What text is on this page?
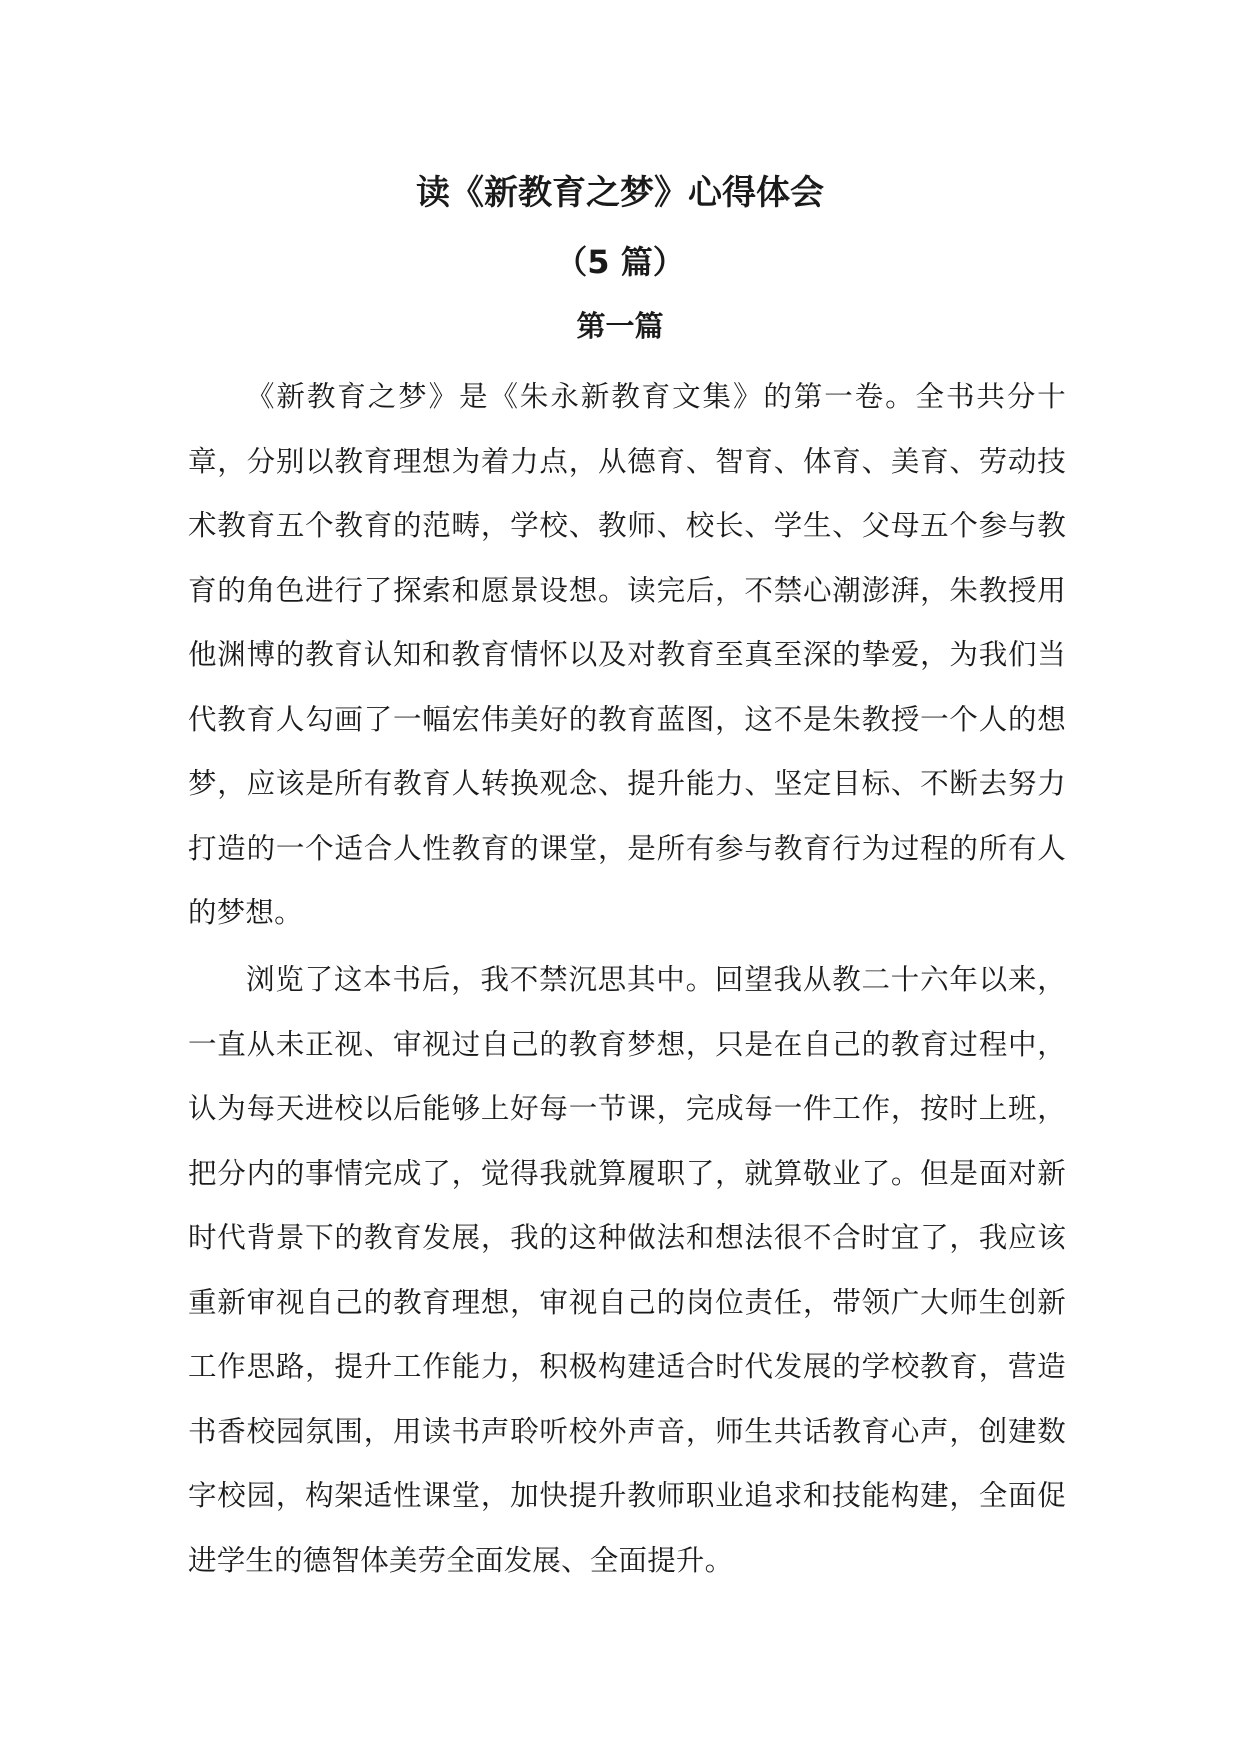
读《新教育之梦》心得体会
（5 篇）
第一篇

《新教育之梦》是《朱永新教育文集》的第一卷。全书共分十章，分别以教育理想为着力点，从德育、智育、体育、美育、劳动技术教育五个教育的范畴，学校、教师、校长、学生、父母五个参与教育的角色进行了探索和愿景设想。读完后，不禁心潮澎湃，朱教授用他渊博的教育认知和教育情怀以及对教育至真至深的挚爱，为我们当代教育人勾画了一幅宏伟美好的教育蓝图，这不是朱教授一个人的想梦，应该是所有教育人转换观念、提升能力、坚定目标、不断去努力打造的一个适合人性教育的课堂，是所有参与教育行为过程的所有人的梦想。

浏览了这本书后，我不禁沉思其中。回望我从教二十六年以来，一直从未正视、审视过自己的教育梦想，只是在自己的教育过程中，认为每天进校以后能够上好每一节课，完成每一件工作，按时上班，把分内的事情完成了，觉得我就算履职了，就算敬业了。但是面对新时代背景下的教育发展，我的这种做法和想法很不合时宜了，我应该重新审视自己的教育理想，审视自己的岗位责任，带领广大师生创新工作思路，提升工作能力，积极构建适合时代发展的学校教育，营造书香校园氛围，用读书声聆听校外声音，师生共话教育心声，创建数字校园，构架适性课堂，加快提升教师职业追求和技能构建，全面促进学生的德智体美劳全面发展、全面提升。
